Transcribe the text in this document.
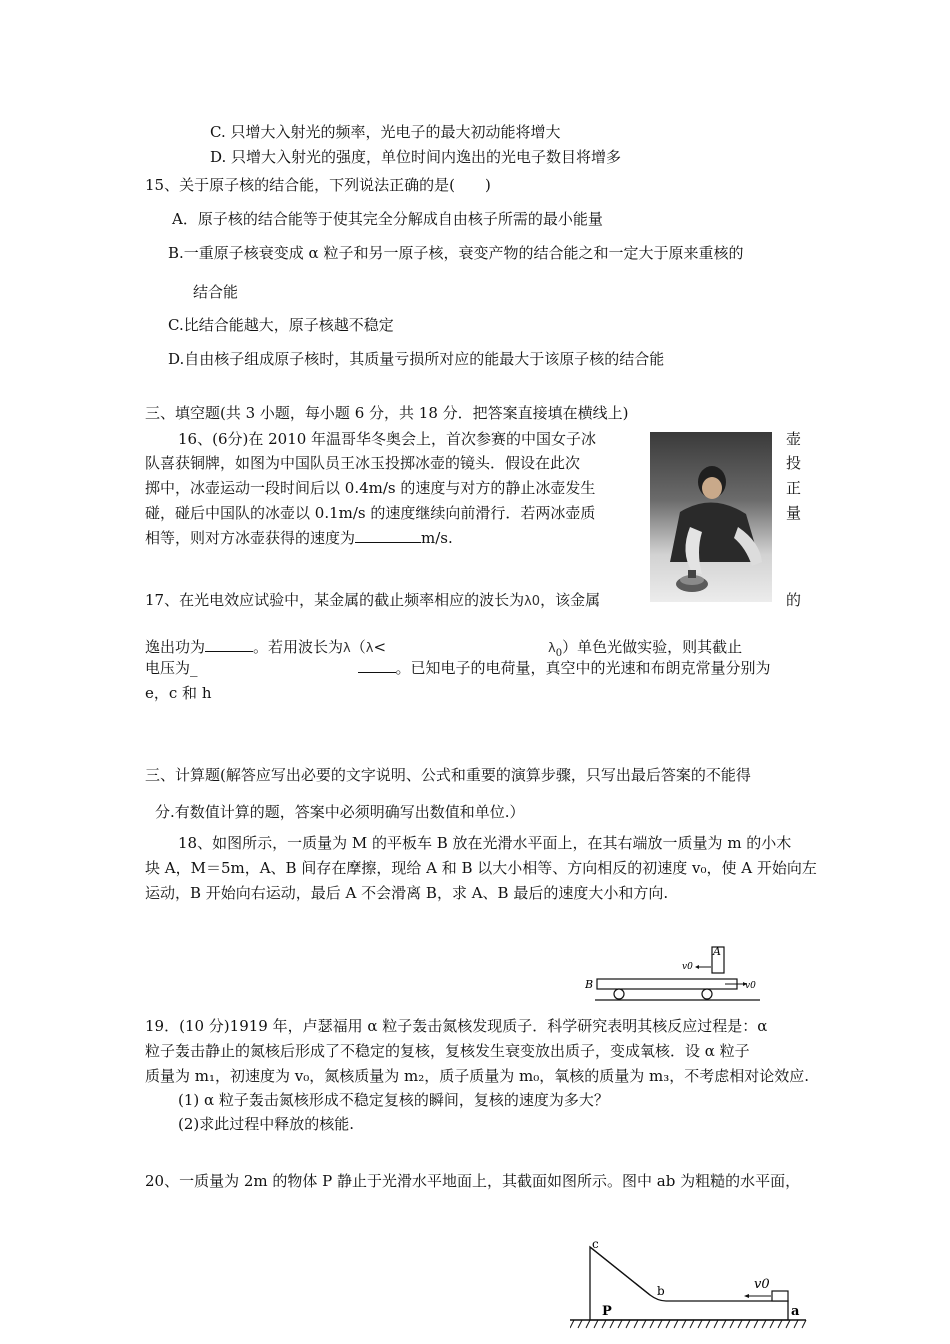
C. 只增大入射光的频率，光电子的最大初动能将增大
D. 只增大入射光的强度，单位时间内逸出的光电子数目将增多
15、关于原子核的结合能，下列说法正确的是(　　)
A．原子核的结合能等于使其完全分解成自由核子所需的最小能量
B.一重原子核衰变成 α 粒子和另一原子核，衰变产物的结合能之和一定大于原来重核的
结合能
C.比结合能越大，原子核越不稳定
D.自由核子组成原子核时，其质量亏损所对应的能最大于该原子核的结合能
三、填空题(共 3 小题，每小题 6 分，共 18 分．把答案直接填在横线上)
16、(6分)在 2010 年温哥华冬奥会上，首次参赛的中国女子冰	壶
队喜获铜牌，如图为中国队员王冰玉投掷冰壶的镜头．假设在此次	投
掷中，冰壶运动一段时间后以 0.4m/s 的速度与对方的静止冰壶发生	正
碰，碰后中国队的冰壶以 0.1m/s 的速度继续向前滑行．若两冰壶质	量
相等，则对方冰壶获得的速度为	m/s.
17、在光电效应试验中，某金属的截止频率相应的波长为λ0，该金属	的
逸出功为	。若用波长为λ（λ<	$\lambda_0$）单色光做实验，则其截止
电压为_	。已知电子的电荷量，真空中的光速和布朗克常量分别为
e，c 和 h
三、计算题(解答应写出必要的文字说明、公式和重要的演算步骤，只写出最后答案的不能得
分.有数值计算的题，答案中必须明确写出数值和单位.）
18、如图所示，一质量为 M 的平板车 B 放在光滑水平面上，在其右端放一质量为 m 的小木
块 A，M＝5m，A、B 间存在摩擦，现给 A 和 B 以大小相等、方向相反的初速度 v₀，使 A 开始向左
运动，B 开始向右运动，最后 A 不会滑离 B，求 A、B 最后的速度大小和方向.
A
v0
B	v0
19．(10 分)1919 年，卢瑟福用 α 粒子轰击氮核发现质子．科学研究表明其核反应过程是：α
粒子轰击静止的氮核后形成了不稳定的复核，复核发生衰变放出质子，变成氧核．设 α 粒子
质量为 m₁，初速度为 v₀，氮核质量为 m₂，质子质量为 m₀，氧核的质量为 m₃，不考虑相对论效应.
(1) α 粒子轰击氮核形成不稳定复核的瞬间，复核的速度为多大？
(2)求此过程中释放的核能.
20、一质量为 2m 的物体 P 静止于光滑水平地面上，其截面如图所示。图中 ab 为粗糙的水平面，
v0
c
b
a
P
